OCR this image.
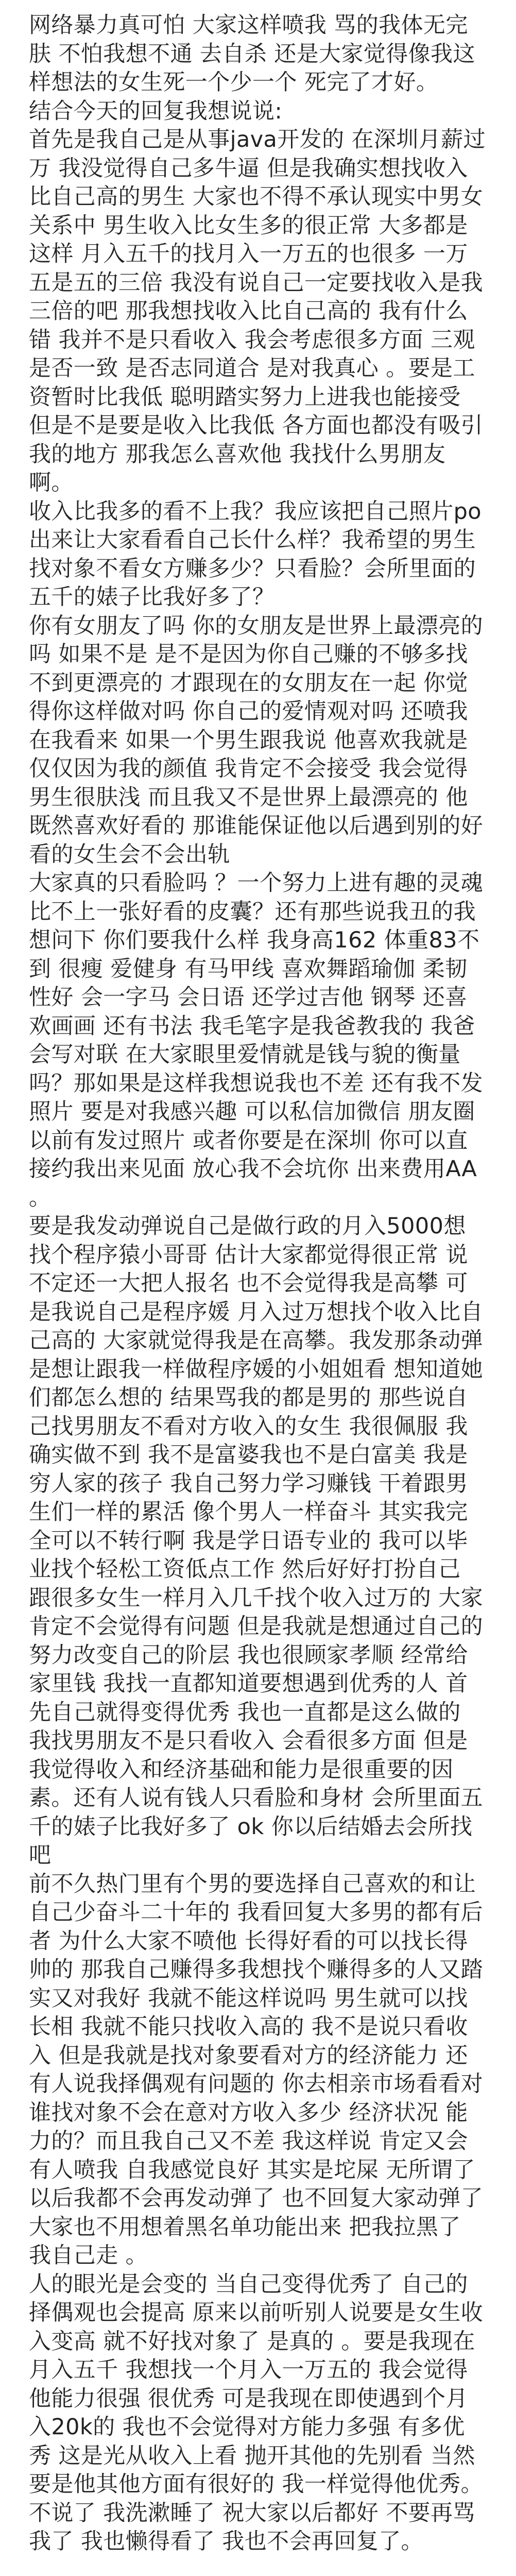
网络暴力真可怕 大家这样喷我 骂的我体无完肤 不怕我想不通 去自杀 还是大家觉得像我这样想法的女生死一个少一个 死完了才好。

结合今天的回复我想说说:

首先是我自己是从事java开发的 在深圳月薪过万 我没觉得自己多牛逼 但是我确实想找收入比自己高的男生 大家也不得不承认现实中男女关系中 男生收入比女生多的很正常 大多都是这样 月入五千的找月入一万五的也很多 一万五是五的三倍 我没有说自己一定要找收入是我三倍的吧 那我想找收入比自己高的 我有什么错 我并不是只看收入 我会考虑很多方面 三观是否一致 是否志同道合 是对我真心 。要是工资暂时比我低 聪明踏实努力上进我也能接受 但是不是要是收入比我低 各方面也都没有吸引我的地方 那我怎么喜欢他 我找什么男朋友啊。

收入比我多的看不上我？我应该把自己照片po出来让大家看看自己长什么样？我希望的男生找对象不看女方赚多少？只看脸？会所里面的五千的婊子比我好多了？

你有女朋友了吗 你的女朋友是世界上最漂亮的吗 如果不是 是不是因为你自己赚的不够多找不到更漂亮的 才跟现在的女朋友在一起 你觉得你这样做对吗 你自己的爱情观对吗 还喷我 在我看来 如果一个男生跟我说 他喜欢我就是仅仅因为我的颜值 我肯定不会接受 我会觉得男生很肤浅 而且我又不是世界上最漂亮的 他既然喜欢好看的 那谁能保证他以后遇到别的好看的女生会不会出轨

大家真的只看脸吗 ？一个努力上进有趣的灵魂比不上一张好看的皮囊？还有那些说我丑的我想问下 你们要我什么样 我身高162 体重83不到 很瘦 爱健身 有马甲线 喜欢舞蹈瑜伽 柔韧性好 会一字马 会日语 还学过吉他 钢琴 还喜欢画画 还有书法 我毛笔字是我爸教我的 我爸会写对联 在大家眼里爱情就是钱与貌的衡量吗？那如果是这样我想说我也不差 还有我不发照片 要是对我感兴趣 可以私信加微信 朋友圈以前有发过照片 或者你要是在深圳 你可以直接约我出来见面 放心我不会坑你 出来费用AA 。

要是我发动弹说自己是做行政的月入5000想找个程序猿小哥哥 估计大家都觉得很正常 说不定还一大把人报名 也不会觉得我是高攀 可是我说自己是程序媛 月入过万想找个收入比自己高的 大家就觉得我是在高攀。我发那条动弹是想让跟我一样做程序媛的小姐姐看 想知道她们都怎么想的 结果骂我的都是男的 那些说自己找男朋友不看对方收入的女生 我很佩服 我确实做不到 我不是富婆我也不是白富美 我是穷人家的孩子 我自己努力学习赚钱 干着跟男生们一样的累活 像个男人一样奋斗 其实我完全可以不转行啊 我是学日语专业的 我可以毕业找个轻松工资低点工作 然后好好打扮自己 跟很多女生一样月入几千找个收入过万的 大家肯定不会觉得有问题 但是我就是想通过自己的努力改变自己的阶层 我也很顾家孝顺 经常给家里钱 我找一直都知道要想遇到优秀的人 首先自己就得变得优秀 我也一直都是这么做的 我找男朋友不是只看收入 会看很多方面 但是我觉得收入和经济基础和能力是很重要的因素。还有人说有钱人只看脸和身材 会所里面五千的婊子比我好多了 ok 你以后结婚去会所找吧

前不久热门里有个男的要选择自己喜欢的和让自己少奋斗二十年的 我看回复大多男的都有后者 为什么大家不喷他 长得好看的可以找长得帅的 那我自己赚得多我想找个赚得多的人又踏实又对我好 我就不能这样说吗 男生就可以找长相 我就不能只找收入高的 我不是说只看收入 但是我就是找对象要看对方的经济能力 还有人说我择偶观有问题的 你去相亲市场看看对 谁找对象不会在意对方收入多少 经济状况 能力的？而且我自己又不差 我这样说 肯定又会有人喷我 自我感觉良好 其实是坨屎 无所谓了 以后我都不会再发动弹了 也不回复大家动弹了 大家也不用想着黑名单功能出来 把我拉黑了 我自己走 。

人的眼光是会变的 当自己变得优秀了 自己的择偶观也会提高 原来以前听别人说要是女生收入变高 就不好找对象了 是真的 。要是我现在月入五千 我想找一个月入一万五的 我会觉得他能力很强 很优秀 可是我现在即使遇到个月入20k的 我也不会觉得对方能力多强 有多优秀 这是光从收入上看 抛开其他的先别看 当然要是他其他方面有很好的 我一样觉得他优秀。

不说了 我洗漱睡了 祝大家以后都好 不要再骂我了 我也懒得看了 我也不会再回复了。
